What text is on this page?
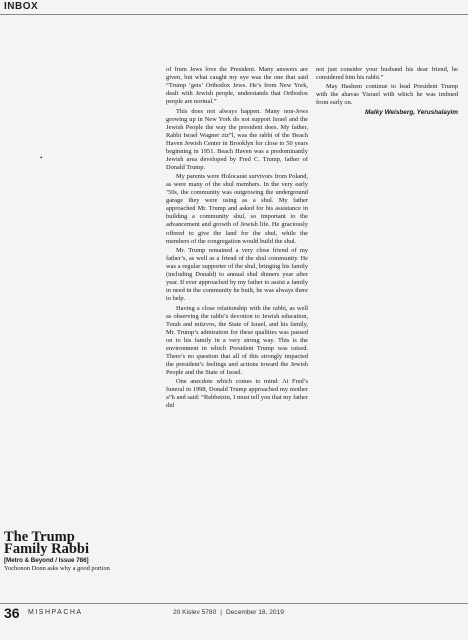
INBOX
•

of frum Jews love the President. Many answers are given, but what caught my eye was the one that said “Trump ‘gets’ Orthodox Jews. He’s from New York, dealt with Jewish people, understands that Orthodox people are normal.”

This does not always happen. Many non-Jews growing up in New York do not support Israel and the Jewish People the way the president does. My father, Rabbi Israel Wagner ztz”l, was the rabbi of the Beach Haven Jewish Center in Brooklyn for close to 50 years beginning in 1951. Beach Haven was a predominantly Jewish area developed by Fred C. Trump, father of Donald Trump.

My parents were Holocaust survivors from Poland, as were many of the shul members. In the very early ’50s, the community was outgrowing the underground garage they were using as a shul. My father approached Mr. Trump and asked for his assistance in building a community shul, so important to the advancement and growth of Jewish life. He graciously offered to give the land for the shul, while the members of the congregation would build the shul.

Mr. Trump remained a very close friend of my father’s, as well as a friend of the shul community. He was a regular supporter of the shul, bringing his family (including Donald) to annual shul dinners year after year. If ever approached by my father to assist a family in need in the community he built, he was always there to help.

Having a close relationship with the rabbi, as well as observing the rabbi’s devotion to Jewish education, Torah and mitzvos, the State of Israel, and his family, Mr. Trump’s admiration for these qualities was passed on to his family in a very strong way. This is the environment in which President Trump was raised. There’s no question that all of this strongly impacted the president’s feelings and actions toward the Jewish People and the State of Israel.

One anecdote which comes to mind: At Fred’s funeral in 1998, Donald Trump approached my mother a”h and said: “Rebbetzin, I must tell you that my father did

not just consider your husband his dear friend, he considered him his rabbi.”

May Hashem continue to lead President Trump with the ahavas Yisrael with which he was imbued from early on.

Malky Weisberg, Yerushalayim

The Trump
Family Rabbi
[Metro & Beyond / Issue 786]
Yochonon Donn asks why a good portion
36 MISHPACHA	20 Kislev 5780 | December 18, 2019
